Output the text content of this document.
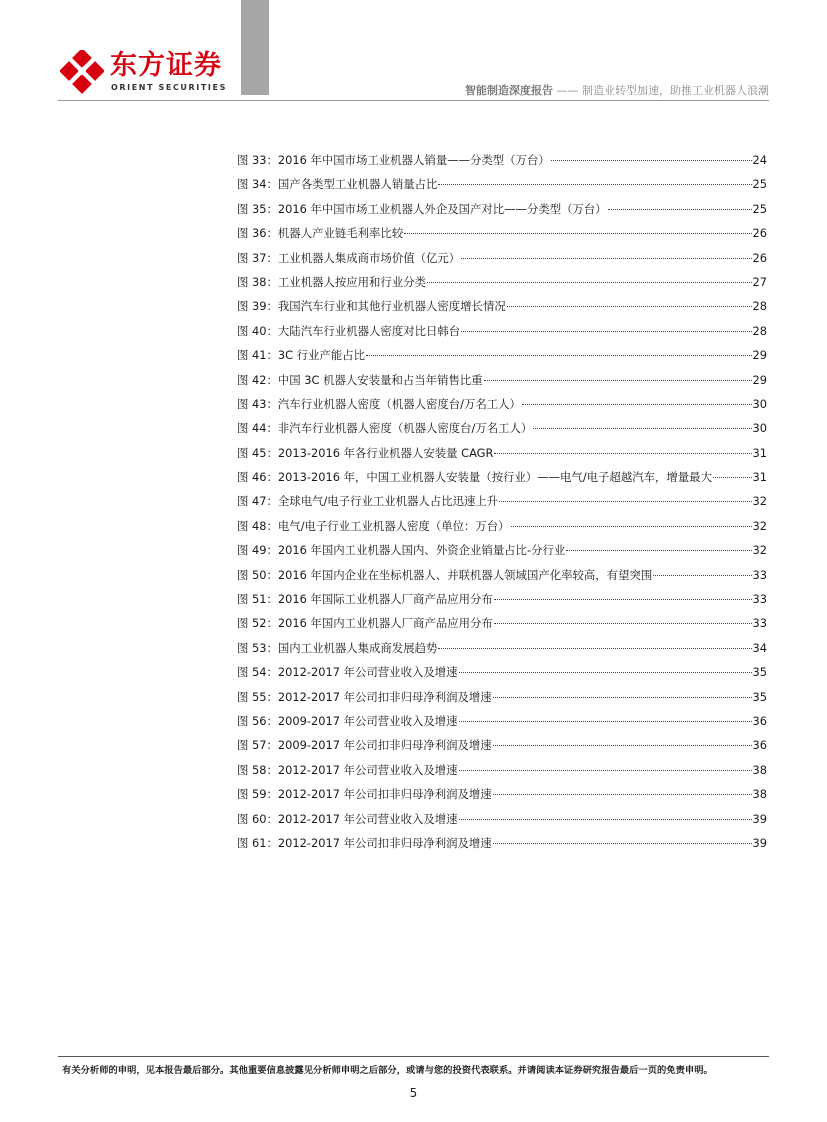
东方证券
ORIENT SECURITIES	智能制造深度报告 —— 制造业转型加速，助推工业机器人浪潮
图 33： 2016 年中国市场工业机器人销量——分类型（万台）	24
图 34： 国产各类型工业机器人销量占比	25
图 35： 2016 年中国市场工业机器人外企及国产对比——分类型（万台）	25
图 36： 机器人产业链毛利率比较	26
图 37： 工业机器人集成商市场价值（亿元）	26
图 38： 工业机器人按应用和行业分类	27
图 39： 我国汽车行业和其他行业机器人密度增长情况	28
图 40： 大陆汽车行业机器人密度对比日韩台	28
图 41： 3C 行业产能占比	29
图 42： 中国 3C 机器人安装量和占当年销售比重	29
图 43： 汽车行业机器人密度（机器人密度台/万名工人）	30
图 44： 非汽车行业机器人密度（机器人密度台/万名工人）	30
图 45： 2013-2016 年各行业机器人安装量 CAGR	31
图 46： 2013-2016 年，中国工业机器人安装量（按行业）——电气/电子超越汽车，增量最大	31
图 47： 全球电气/电子行业工业机器人占比迅速上升	32
图 48： 电气/电子行业工业机器人密度（单位：万台）	32
图 49： 2016 年国内工业机器人国内、外资企业销量占比-分行业	32
图 50： 2016 年国内企业在坐标机器人、并联机器人领域国产化率较高，有望突围	33
图 51： 2016 年国际工业机器人厂商产品应用分布	33
图 52： 2016 年国内工业机器人厂商产品应用分布	33
图 53： 国内工业机器人集成商发展趋势	34
图 54： 2012-2017 年公司营业收入及增速	35
图 55： 2012-2017 年公司扣非归母净利润及增速	35
图 56： 2009-2017 年公司营业收入及增速	36
图 57： 2009-2017 年公司扣非归母净利润及增速	36
图 58： 2012-2017 年公司营业收入及增速	38
图 59： 2012-2017 年公司扣非归母净利润及增速	38
图 60： 2012-2017 年公司营业收入及增速	39
图 61： 2012-2017 年公司扣非归母净利润及增速	39
有关分析师的申明，见本报告最后部分。其他重要信息披露见分析师申明之后部分，或请与您的投资代表联系。并请阅读本证券研究报告最后一页的免责申明。
5
